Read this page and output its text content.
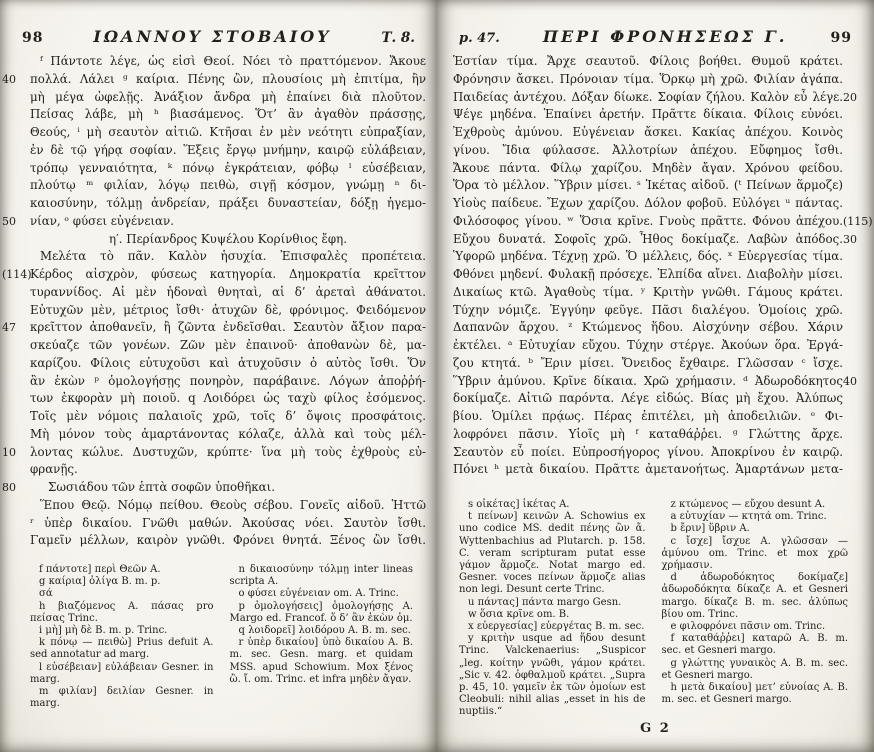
98	ΙΩΑΝΝΟΥ ΣΤΟΒΑΙΟΥ	Τ. 8.
ᶠ Πάντοτε λέγε, ὡς εἰσὶ Θεοί. Νόει τὸ πραττόμενον. Ἄκουε
40	πολλά. Λάλει ᵍ καίρια. Πένης ὢν, πλουσίοις μὴ ἐπιτίμα, ἢν
μὴ μέγα ὠφελῇς. Ἀνάξιον ἄνδρα μὴ ἐπαίνει διὰ πλοῦτον.
Πείσας λάβε, μὴ ʰ βιασάμενος. Ὅτ’ ἂν ἀγαθὸν πράσσῃς,
Θεούς, ⁱ μὴ σεαυτὸν αἰτιῶ. Κτῆσαι ἐν μὲν νεότητι εὐπραξίαν,
ἐν δὲ τῷ γήρᾳ σοφίαν. Ἕξεις ἔργῳ μνήμην, καιρῷ εὐλάβειαν,
τρόπῳ γενναιότητα, ᵏ πόνῳ ἐγκράτειαν, φόβῳ ˡ εὐσέβειαν,
πλούτῳ ᵐ φιλίαν, λόγῳ πειθὼ, σιγῇ κόσμον, γνώμῃ ⁿ δι-
καιοσύνην, τόλμῃ ἀνδρείαν, πράξει δυναστείαν, δόξῃ ἡγεμο-
50	νίαν, ᵒ φύσει εὐγένειαν.
η′. Περίανδρος Κυψέλου Κορίνθιος ἔφη.
Μελέτα τὸ πᾶν. Καλὸν ἡσυχία. Ἐπισφαλὲς προπέτεια.
(114)
Κέρδος αἰσχρὸν, φύσεως κατηγορία. Δημοκρατία κρεῖττον
τυραννίδος. Αἱ μὲν ἡδοναὶ θνηταὶ, αἱ δ’ ἀρεταὶ ἀθάνατοι.
Εὐτυχῶν μὲν, μέτριος ἴσθι· ἀτυχῶν δὲ, φρόνιμος. Φειδόμενον
47	κρεῖττον ἀποθανεῖν, ἢ ζῶντα ἐνδεῖσθαι. Σεαυτὸν ἄξιον παρα-
σκεύαζε τῶν γονέων. Ζῶν μὲν ἐπαινοῦ· ἀποθανὼν δὲ, μα-
καρίζου. Φίλοις εὐτυχοῦσι καὶ ἀτυχοῦσιν ὁ αὐτὸς ἴσθι. Ὅν
ἂν ἑκὼν ᵖ ὁμολογήσῃς πονηρὸν, παράβαινε. Λόγων ἀποῤῥή-
των ἐκφορὰν μὴ ποιοῦ. q Λοιδόρει ὡς ταχὺ φίλος ἐσόμενος.
Τοῖς μὲν νόμοις παλαιοῖς χρῶ, τοῖς δ’ ὄψοις προσφάτοις.
Μὴ μόνον τοὺς ἁμαρτάνοντας κόλαζε, ἀλλὰ καὶ τοὺς μέλ-
10	λοντας κώλυε. Δυστυχῶν, κρύπτε· ἵνα μὴ τοὺς ἐχθροὺς εὐ-
φρανῇς.
80	Σωσιάδου τῶν ἑπτὰ σοφῶν ὑποθῆκαι.
Ἕπου Θεῷ. Νόμῳ πείθου. Θεοὺς σέβου. Γονεῖς αἰδοῦ. Ἡττῶ
ʳ ὑπὲρ δικαίου. Γνῶθι μαθών. Ἀκούσας νόει. Σαυτὸν ἴσθι.
Γαμεῖν μέλλων, καιρὸν γνῶθι. Φρόνει θνητά. Ξένος ὢν ἴσθι.

f πάντοτε] περὶ Θεῶν A.

g καίρια] ὀλίγα B. m. p.

σά

h βιαζόμενος A. πάσας pro πείσας Trinc.

i μὴ] μὴ δὲ B. m. p. Trinc.

k πόνῳ — πειθὼ] Prius defuit A. sed annotatur ad marg.

l εὐσέβειαν] εὐλάβειαν Gesner. in marg.

m φιλίαν] δειλίαν Gesner. in marg.

n δικαιοσύνην τόλμῃ inter lineas scripta A.

o φύσει εὐγένειαν om. A. Trinc.

p ὁμολογήσεις] ὁμολογήσῃς A. Margo ed. Francof. ὅ δ’ ἂν ἑκὼν ὁμ.

q λοιδορεῖ] λοιδόρου A. B. m. sec.

r ὑπὲρ δικαίου] ὑπὸ δικαίου A. B. m. sec. Gesn. marg. et quidam MSS. apud Schowium. Mox ξένος ὢ. ἴ. om. Trinc. et infra μηδὲν ἄγαν.

p. 47.	ΠΕΡΙ ΦΡΟΝΗΣΕΩΣ Γ.	99
Ἑστίαν τίμα. Ἄρχε σεαυτοῦ. Φίλοις βοήθει. Θυμοῦ κράτει.
Φρόνησιν ἄσκει. Πρόνοιαν τίμα. Ὅρκῳ μὴ χρῶ. Φιλίαν ἀγάπα.
20
Παιδείας ἀντέχου. Δόξαν δίωκε. Σοφίαν ζήλου. Καλὸν εὖ λέγε.
Ψέγε μηδένα. Ἐπαίνει ἀρετήν. Πρᾶττε δίκαια. Φίλοις εὐνόει.
Ἐχθροὺς ἀμύνου. Εὐγένειαν ἄσκει. Κακίας ἀπέχου. Κοινὸς
γίνου. Ἴδια φύλασσε. Ἀλλοτρίων ἀπέχου. Εὔφημος ἴσθι.
Ἄκουε πάντα. Φίλῳ χαρίζου. Μηδὲν ἄγαν. Χρόνου φείδου.
Ὅρα τὸ μέλλον. Ὕβριν μίσει. ˢ Ἱκέτας αἰδοῦ. (ᵗ Πείνων ἅρμοζε)
Υἱοὺς παίδευε. Ἔχων χαρίζου. Δόλον φοβοῦ. Εὐλόγει ᵘ πάντας.
(115)
Φιλόσοφος γίνου. ʷ Ὅσια κρῖνε. Γνοὺς πρᾶττε. Φόνου ἀπέχου.
30
Εὔχου δυνατά. Σοφοῖς χρῶ. Ἦθος δοκίμαζε. Λαβὼν ἀπόδος.
Ὑφορῶ μηδένα. Τέχνῃ χρῶ. Ὅ μέλλεις, δός. ˣ Εὐεργεσίας τίμα.
Φθόνει μηδενί. Φυλακῇ πρόσεχε. Ἐλπίδα αἴνει. Διαβολὴν μίσει.
Δικαίως κτῶ. Ἀγαθοὺς τίμα. ʸ Κριτὴν γνῶθι. Γάμους κράτει.
Τύχην νόμιζε. Ἐγγύην φεῦγε. Πᾶσι διαλέγου. Ὁμοίοις χρῶ.
Δαπανῶν ἄρχου. ᶻ Κτώμενος ἥδου. Αἰσχύνην σέβου. Χάριν
ἐκτέλει. ᵃ Εὐτυχίαν εὔχου. Τύχην στέργε. Ἀκούων ὅρα. Ἐργά-
ζου κτητά. ᵇ Ἔριν μίσει. Ὄνειδος ἔχθαιρε. Γλῶσσαν ᶜ ἴσχε.
40
Ὕβριν ἀμύνου. Κρῖνε δίκαια. Χρῶ χρήμασιν. ᵈ Ἀδωροδόκητος
δοκίμαζε. Αἰτιῶ παρόντα. Λέγε εἰδώς. Βίας μὴ ἔχου. Ἀλύπως
βίου. Ὁμίλει πρᾴως. Πέρας ἐπιτέλει, μὴ ἀποδειλιῶν. ᵉ Φι-
λοφρόνει πᾶσιν. Υἱοῖς μὴ ᶠ καταθάῤῥει. ᵍ Γλώττης ἄρχε.
Σεαυτὸν εὖ ποίει. Εὐπροσήγορος γίνου. Ἀποκρίνου ἐν καιρῷ.
Πόνει ʰ μετὰ δικαίου. Πρᾶττε ἀμετανοήτως. Ἁμαρτάνων μετα-

s οἰκέτας] ἱκέτας A.

t πείνων] κεινῶν A. Schowius ex uno codice MS. dedit πένης ὢν ἄ. Wyttenbachius ad Plutarch. p. 158. C. veram scripturam putat esse γάμον ἅρμοζε. Notat margo ed. Gesner. voces πείνων ἅρμοζε alias non legi. Desunt certe Trinc.

u πάντας] πάντα margo Gesn.

w ὅσια κρῖνε om. B.

x εὐεργεσίας] εὐεργέτας B. m. sec.

y κριτὴν usque ad ἥδου desunt Trinc. Valckenaerius: „Suspicor „leg. κοίτην γνῶθι, γάμον κράτει. „Sic v. 42. ὀφθαλμοῦ κράτει. „Supra p. 45, 10. γαμεῖν ἐκ τῶν ὁμοίων est Cleobuli: nihil alias „esset in his de nuptiis.“

z κτώμενος — εὔχου desunt A.

a εὐτυχίαν — κτητά om. Trinc.

b ἔριν] ὕβριν A.

c ἴσχε] ἴσχυε A. γλῶσσαν — ἀμύνου om. Trinc. et mox χρῶ χρήμασιν.

d ἀδωροδόκητος δοκίμαζε] ἀδωροδόκητα δίκαζε A. et Gesneri margo. δίκαζε B. m. sec. ἀλύπως βίου om. Trinc.

e φιλοφρόνει πᾶσιν om. Trinc.

f καταθάῤῥει] καταρῶ A. B. m. sec. et Gesneri margo.

g γλώττης γυναικὸς A. B. m. sec. et Gesneri margo.

h μετὰ δικαίου] μετ’ εὐνοίας A. B. m. sec. et Gesneri margo.

G 2
